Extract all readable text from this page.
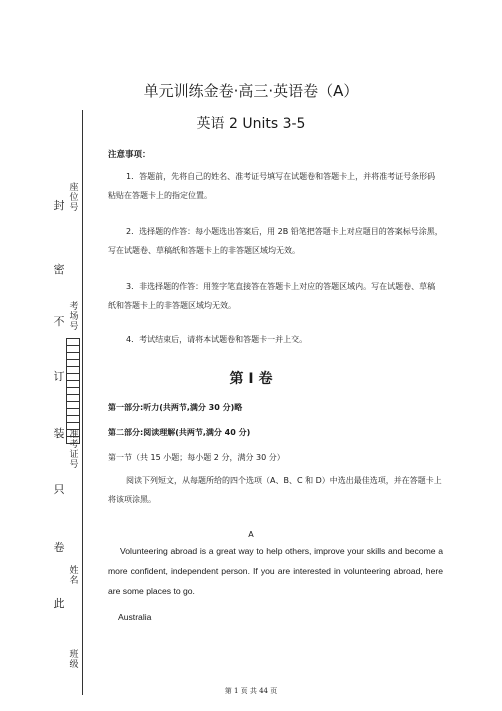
封
密
不
订
装
只
卷
此
座位号
考场号
准考证号
姓名
班级
单元训练金卷·高三·英语卷（A）
英语 2 Units 3-5
注意事项：
1．答题前，先将自己的姓名、准考证号填写在试题卷和答题卡上，并将准考证号条形码粘贴在答题卡上的指定位置。
2．选择题的作答：每小题选出答案后，用 2B 铅笔把答题卡上对应题目的答案标号涂黑，写在试题卷、草稿纸和答题卡上的非答题区域均无效。
3．非选择题的作答：用签字笔直接答在答题卡上对应的答题区域内。写在试题卷、草稿纸和答题卡上的非答题区域均无效。
4．考试结束后，请将本试题卷和答题卡一并上交。
第 I 卷
第一部分:听力(共两节,满分 30 分)略
第二部分:阅读理解(共两节,满分 40 分)
第一节（共 15 小题；每小题 2 分，满分 30 分）
阅读下列短文，从每题所给的四个选项（A、B、C 和 D）中选出最佳选项，并在答题卡上将该项涂黑。
A
Volunteering abroad is a great way to help others, improve your skills and become a more confident, independent person. If you are interested in volunteering abroad, here are some places to go.
Australia
第 1 页 共 44 页
